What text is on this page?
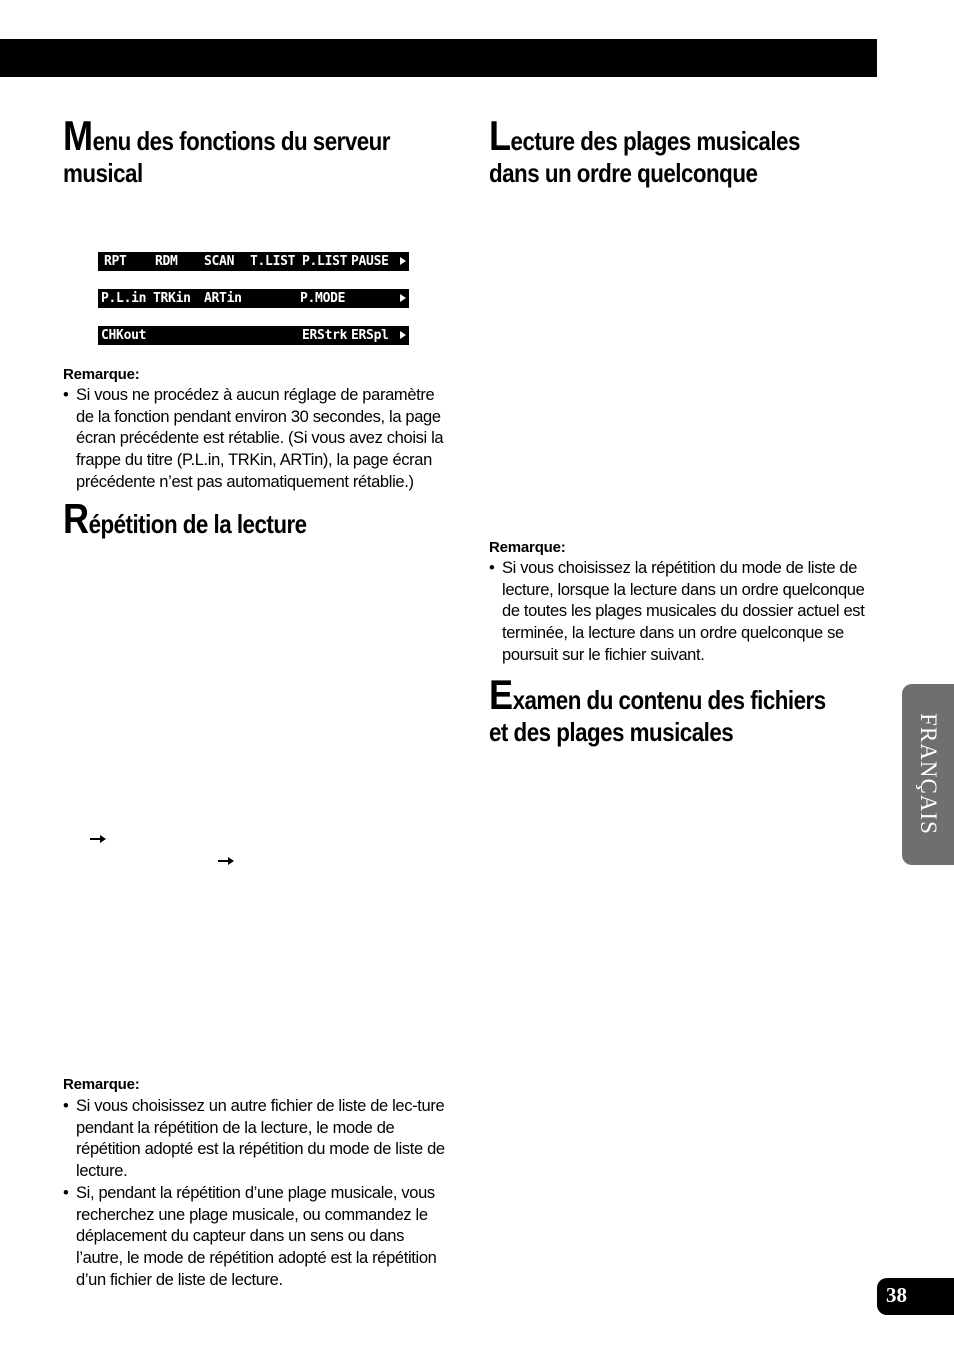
Menu des fonctions du serveur
musical
RPT RDM SCAN T.LIST P.LIST PAUSE
P.L.in TRKin ARTin	P.MODE
CHKout	ERStrk ERSpl

Remarque:

• Si vous ne procédez à aucun réglage de paramètre de la fonction pendant environ 30 secondes, la page écran précédente est rétablie. (Si vous avez choisi la frappe du titre (P.L.in, TRKin, ARTin), la page écran précédente n’est pas automatiquement rétablie.)
Répétition de la lecture

Remarque:

• Si vous choisissez un autre fichier de liste de lec-ture pendant la répétition de la lecture, le mode de répétition adopté est la répétition du mode de liste de lecture.
• Si, pendant la répétition d’une plage musicale, vous recherchez une plage musicale, ou commandez le déplacement du capteur dans un sens ou dans l’autre, le mode de répétition adopté est la répétition d’un fichier de liste de lecture.
Lecture des plages musicales
dans un ordre quelconque

Remarque:

• Si vous choisissez la répétition du mode de liste de lecture, lorsque la lecture dans un ordre quelconque de toutes les plages musicales du dossier actuel est terminée, la lecture dans un ordre quelconque se poursuit sur le fichier suivant.
Examen du contenu des fichiers
et des plages musicales	FRANÇAIS
38
